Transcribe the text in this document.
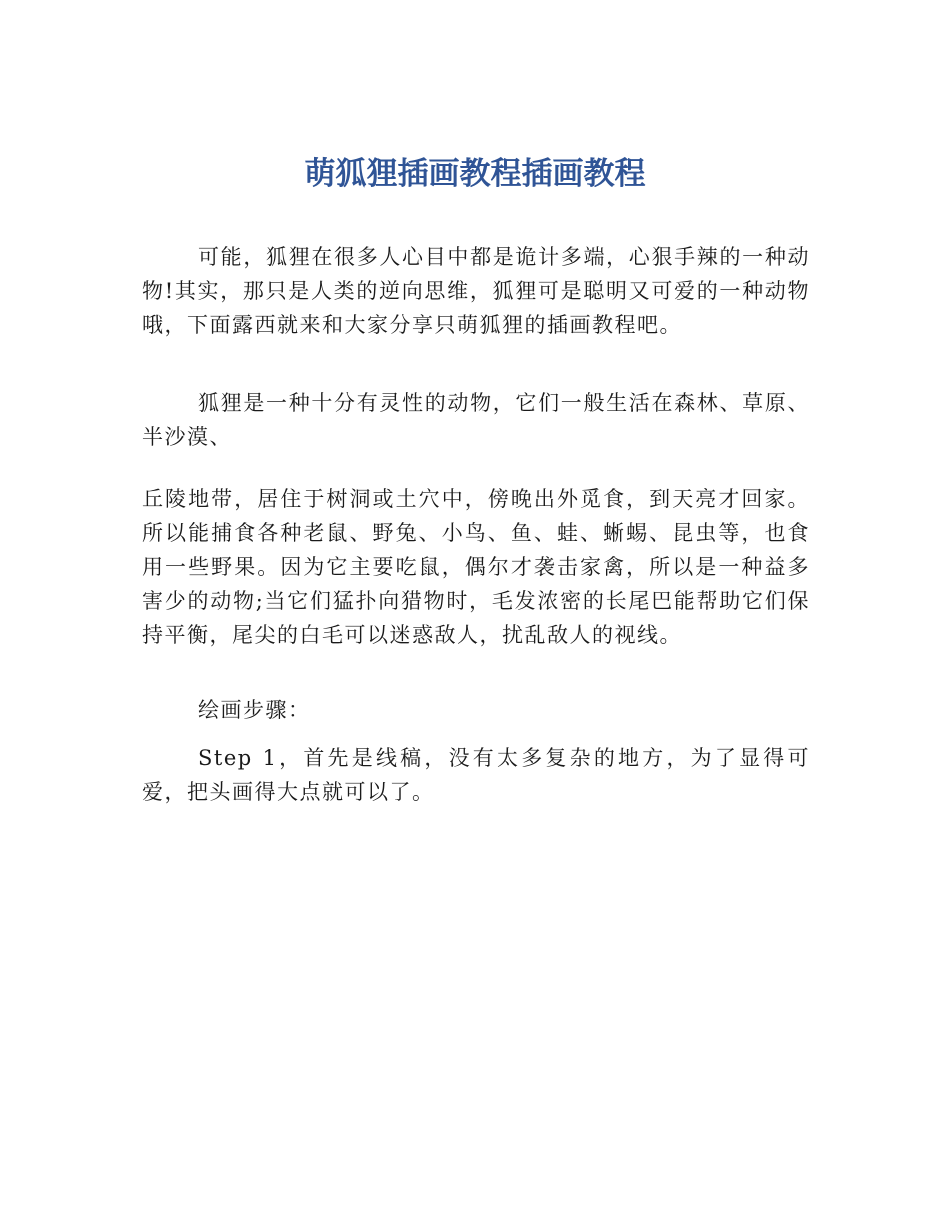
萌狐狸插画教程插画教程

可能，狐狸在很多人心目中都是诡计多端，心狠手辣的一种动物!其实，那只是人类的逆向思维，狐狸可是聪明又可爱的一种动物哦，下面露西就来和大家分享只萌狐狸的插画教程吧。

狐狸是一种十分有灵性的动物，它们一般生活在森林、草原、半沙漠、

丘陵地带，居住于树洞或土穴中，傍晚出外觅食，到天亮才回家。所以能捕食各种老鼠、野兔、小鸟、鱼、蛙、蜥蜴、昆虫等，也食用一些野果。因为它主要吃鼠，偶尔才袭击家禽，所以是一种益多害少的动物;当它们猛扑向猎物时，毛发浓密的长尾巴能帮助它们保持平衡，尾尖的白毛可以迷惑敌人，扰乱敌人的视线。

绘画步骤：

Step 1，首先是线稿，没有太多复杂的地方，为了显得可爱，把头画得大点就可以了。
